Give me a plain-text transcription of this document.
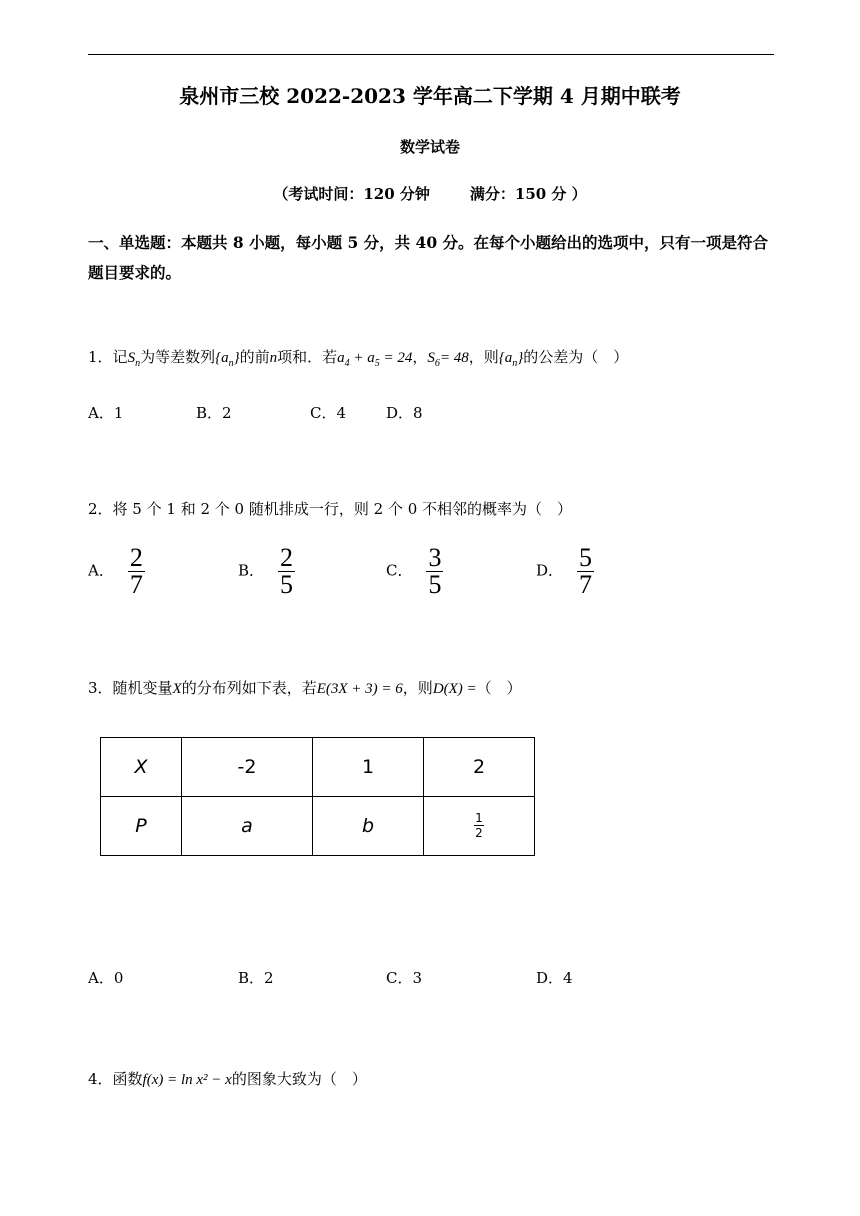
泉州市三校 2022-2023 学年高二下学期 4 月期中联考
数学试卷
（考试时间：120 分钟	满分：150 分 ）
一、单选题：本题共 8 小题，每小题 5 分，共 40 分。在每个小题给出的选项中，只有一项是符合题目要求的。
1．记$S_n$为等差数列$\{a_n\}$的前n项和．若$a_4 + a_5 = 24$，$S_6= 48$，则$\{a_n\}$的公差为（　）
A．1	B．2	C．4	D．8
2．将 5 个 1 和 2 个 0 随机排成一行，则 2 个 0 不相邻的概率为（　）
A． $\frac{2}{7}$	B． $\frac{2}{5}$	C． $\frac{3}{5}$	D． $\frac{5}{7}$
3．随机变量X的分布列如下表，若E(3X + 3) = 6，则D(X) =（　）
X	-2	1	2
P	a	b	$\frac{1}{2}$
A．0	B．2	C．3	D．4
4．函数f(x) = ln x² − x的图象大致为（　）
